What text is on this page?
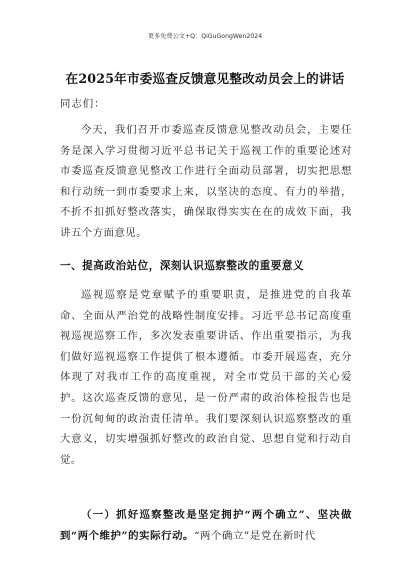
更多免费公文+Q：QiGuGongWen2024
在2025年市委巡查反馈意见整改动员会上的讲话
同志们：

今天，我们召开市委巡查反馈意见整改动员会，主要任务是深入学习贯彻习近平总书记关于巡视工作的重要论述对市委巡查反馈意见整改工作进行全面动员部署，切实把思想和行动统一到市委要求上来，以坚决的态度、有力的举措，不折不扣抓好整改落实，确保取得实实在在的成效下面，我讲五个方面意见。

一、提高政治站位，深刻认识巡察整改的重要意义

巡视巡察是党章赋予的重要职责，是推进党的自我革命、全面从严治党的战略性制度安排。习近平总书记高度重视巡视巡察工作，多次发表重要讲话、作出重要指示，为我们做好巡视巡察工作提供了根本遵循。市委开展巡查，充分体现了对我市工作的高度重视，对全市党员干部的关心爱护。这次巡查反馈的意见，是一份严肃的政治体检报告也是一份沉甸甸的政治责任清单。我们要深刻认识巡察整改的重大意义，切实增强抓好整改的政治自觉、思想自觉和行动自觉。

（一）抓好巡察整改是坚定拥护“两个确立”、坚决做到“两个维护”的实际行动。“两个确立”是党在新时代
